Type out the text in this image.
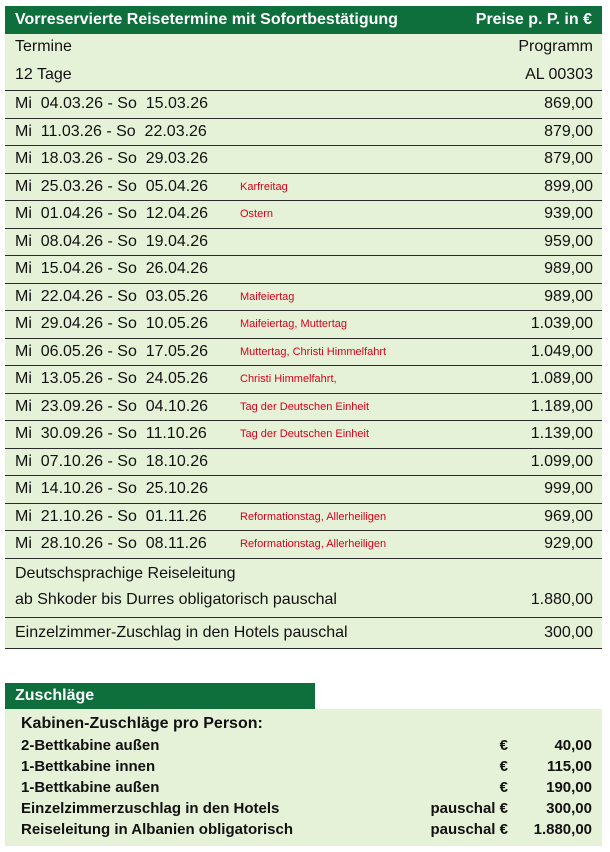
Vorreservierte Reisetermine mit Sofortbestätigung	Preise p. P. in €
Termine	Programm
12 Tage	AL 00303
Mi  04.03.26 - So  15.03.26	869,00
Mi  11.03.26 - So  22.03.26	879,00
Mi  18.03.26 - So  29.03.26	879,00
Mi  25.03.26 - So  05.04.26	Karfreitag	899,00
Mi  01.04.26 - So  12.04.26	Ostern	939,00
Mi  08.04.26 - So  19.04.26	959,00
Mi  15.04.26 - So  26.04.26	989,00
Mi  22.04.26 - So  03.05.26	Maifeiertag	989,00
Mi  29.04.26 - So  10.05.26	Maifeiertag, Muttertag	1.039,00
Mi  06.05.26 - So  17.05.26	Muttertag, Christi Himmelfahrt	1.049,00
Mi  13.05.26 - So  24.05.26	Christi Himmelfahrt,	1.089,00
Mi  23.09.26 - So  04.10.26	Tag der Deutschen Einheit	1.189,00
Mi  30.09.26 - So  11.10.26	Tag der Deutschen Einheit	1.139,00
Mi  07.10.26 - So  18.10.26	1.099,00
Mi  14.10.26 - So  25.10.26	999,00
Mi  21.10.26 - So  01.11.26	Reformationstag, Allerheiligen	969,00
Mi  28.10.26 - So  08.11.26	Reformationstag, Allerheiligen	929,00
Deutschsprachige Reiseleitung
ab Shkoder bis Durres obligatorisch pauschal	1.880,00
Einzelzimmer-Zuschlag in den Hotels pauschal	300,00
Zuschläge
Kabinen-Zuschläge pro Person:
2-Bettkabine außen	€	40,00
1-Bettkabine innen	€	115,00
1-Bettkabine außen	€	190,00
Einzelzimmerzuschlag in den Hotels	pauschal €	300,00
Reiseleitung in Albanien obligatorisch	pauschal €	1.880,00
